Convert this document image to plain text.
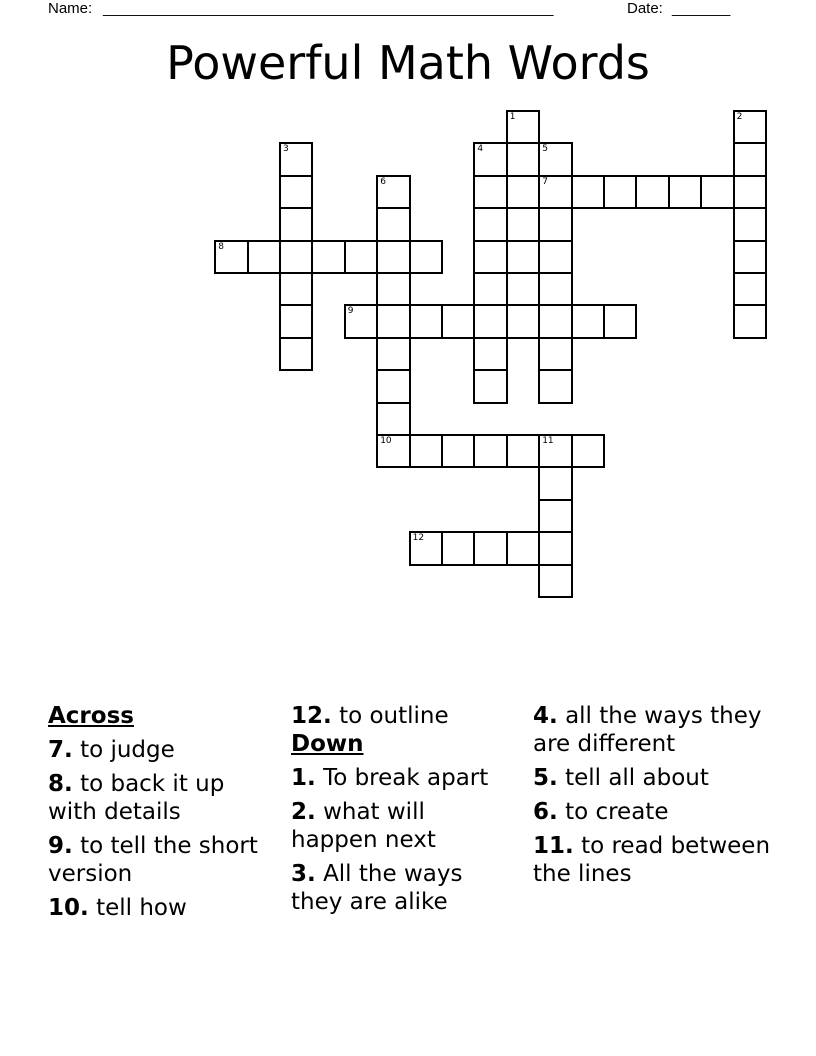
Name: ______________________________________________________	Date: _______
Powerful Math Words
1	2
3	4	5
7
6
10
8
9
11
12
Across
7. to judge
8. to back it up with details
9. to tell the short version
10. tell how
12. to outline
Down
1. To break apart
2. what will happen next
3. All the ways they are alike
4. all the ways they are different
5. tell all about
6. to create
11. to read between the lines
